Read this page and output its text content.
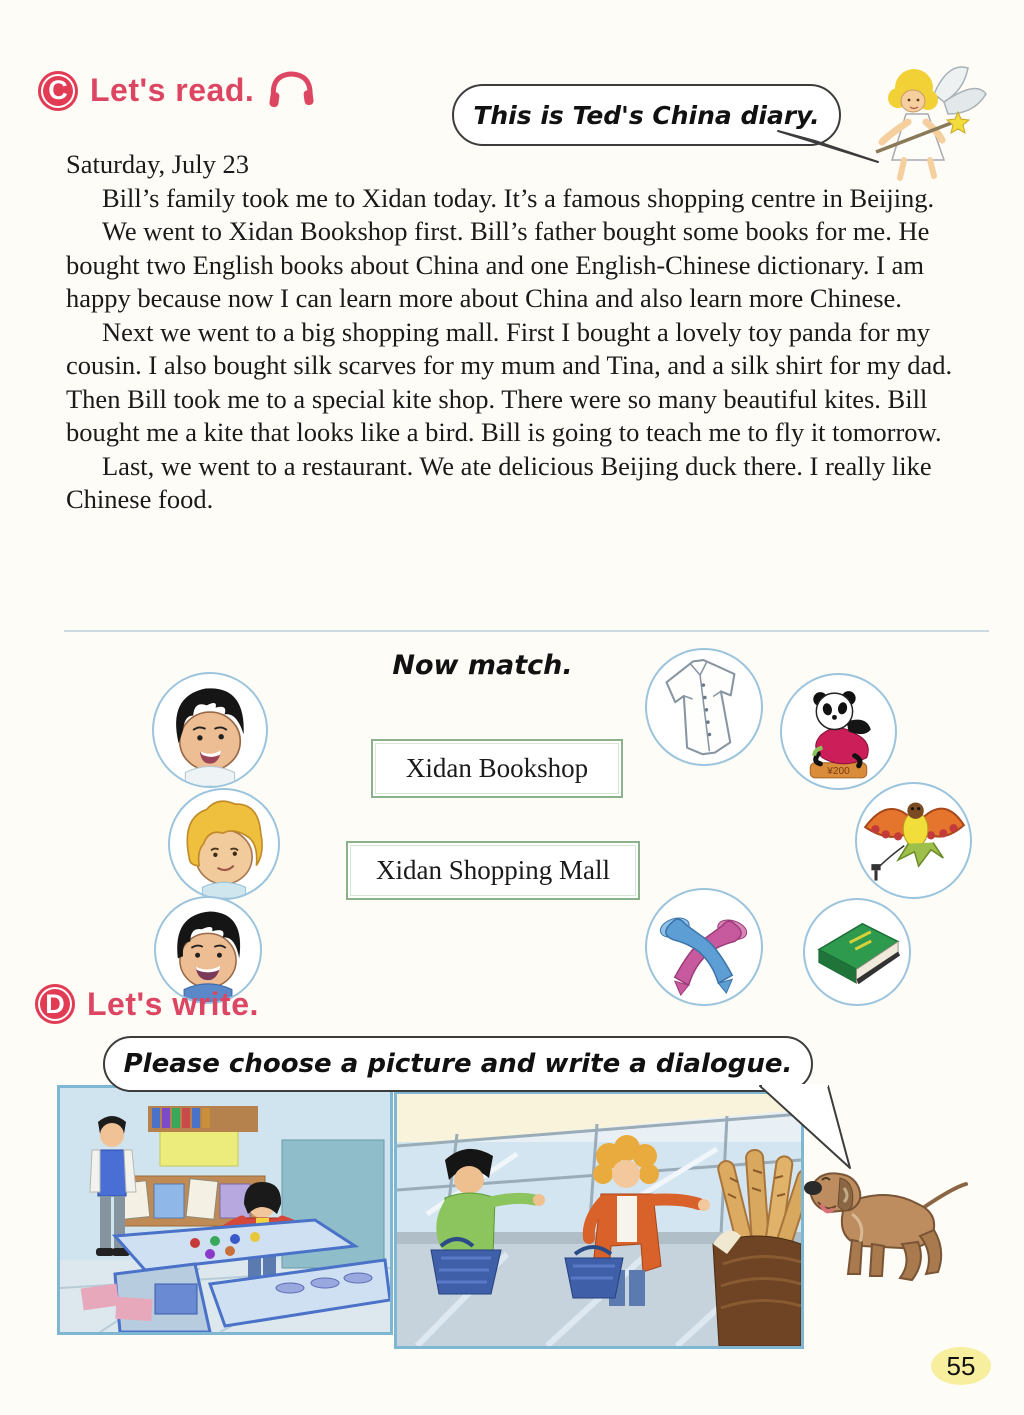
C Let's read.
This is Ted's China diary.

Saturday, July 23

Bill’s family took me to Xidan today. It’s a famous shopping centre in Beijing.

We went to Xidan Bookshop first. Bill’s father bought some books for me. He bought two English books about China and one English-Chinese dictionary. I am happy because now I can learn more about China and also learn more Chinese.

Next we went to a big shopping mall. First I bought a lovely toy panda for my cousin. I also bought silk scarves for my mum and Tina, and a silk shirt for my dad. Then Bill took me to a special kite shop. There were so many beautiful kites. Bill bought me a kite that looks like a bird. Bill is going to teach me to fly it tomorrow.

Last, we went to a restaurant. We ate delicious Beijing duck there. I really like Chinese food.

Now match.
Xidan Bookshop
Xidan Shopping Mall
¥200
D Let's write.
Please choose a picture and write a dialogue.
55
